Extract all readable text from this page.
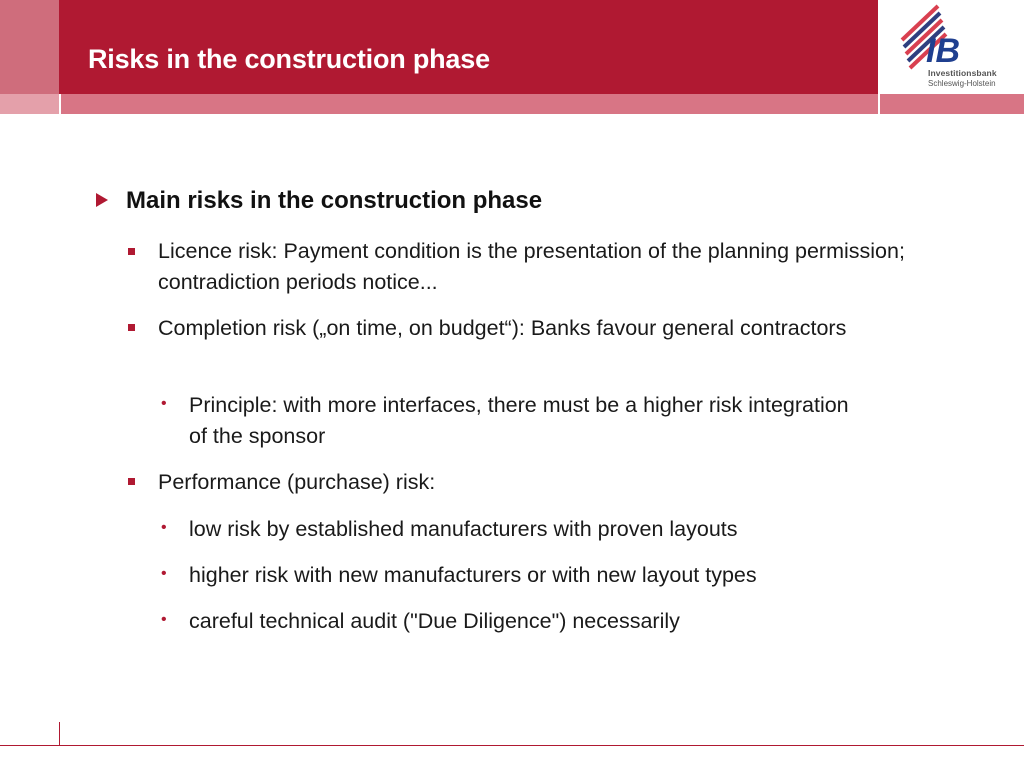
Risks in the construction phase	IB
Investitionsbank
Schleswig-Holstein
Main risks in the construction phase
Licence risk: Payment condition is the presentation of the planning permission; contradiction periods notice...
Completion risk („on time, on budget“): Banks favour general contractors
• Principle: with more interfaces, there must be a higher risk integration of the sponsor
Performance (purchase) risk:
• low risk by established manufacturers with proven layouts
• higher risk with new manufacturers or with new layout types
• careful technical audit ("Due Diligence") necessarily
